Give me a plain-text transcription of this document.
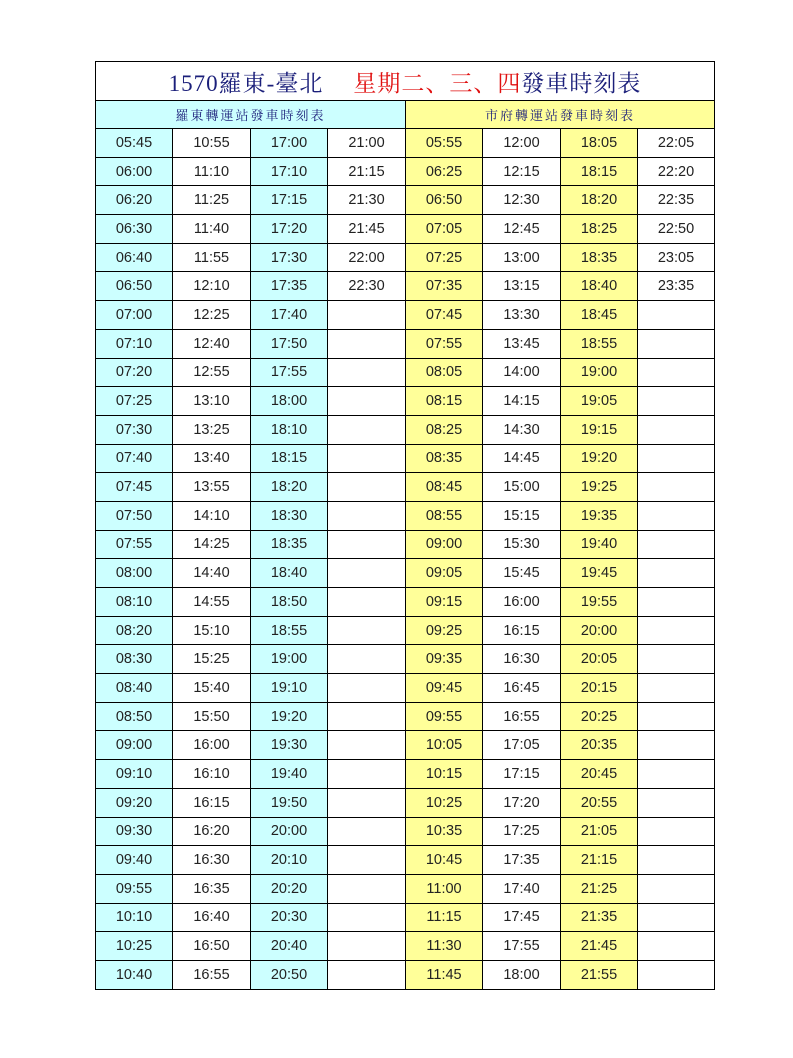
1570羅東-臺北 星期二、三、四發車時刻表							
羅東轉運站發車時刻表				市府轉運站發車時刻表			
05:45	10:55	17:00	21:00	05:55	12:00	18:05	22:05
06:00	11:10	17:10	21:15	06:25	12:15	18:15	22:20
06:20	11:25	17:15	21:30	06:50	12:30	18:20	22:35
06:30	11:40	17:20	21:45	07:05	12:45	18:25	22:50
06:40	11:55	17:30	22:00	07:25	13:00	18:35	23:05
06:50	12:10	17:35	22:30	07:35	13:15	18:40	23:35
07:00	12:25	17:40		07:45	13:30	18:45	
07:10	12:40	17:50		07:55	13:45	18:55	
07:20	12:55	17:55		08:05	14:00	19:00	
07:25	13:10	18:00		08:15	14:15	19:05	
07:30	13:25	18:10		08:25	14:30	19:15	
07:40	13:40	18:15		08:35	14:45	19:20	
07:45	13:55	18:20		08:45	15:00	19:25	
07:50	14:10	18:30		08:55	15:15	19:35	
07:55	14:25	18:35		09:00	15:30	19:40	
08:00	14:40	18:40		09:05	15:45	19:45	
08:10	14:55	18:50		09:15	16:00	19:55	
08:20	15:10	18:55		09:25	16:15	20:00	
08:30	15:25	19:00		09:35	16:30	20:05	
08:40	15:40	19:10		09:45	16:45	20:15	
08:50	15:50	19:20		09:55	16:55	20:25	
09:00	16:00	19:30		10:05	17:05	20:35	
09:10	16:10	19:40		10:15	17:15	20:45	
09:20	16:15	19:50		10:25	17:20	20:55	
09:30	16:20	20:00		10:35	17:25	21:05	
09:40	16:30	20:10		10:45	17:35	21:15	
09:55	16:35	20:20		11:00	17:40	21:25	
10:10	16:40	20:30		11:15	17:45	21:35	
10:25	16:50	20:40		11:30	17:55	21:45	
10:40	16:55	20:50		11:45	18:00	21:55	
